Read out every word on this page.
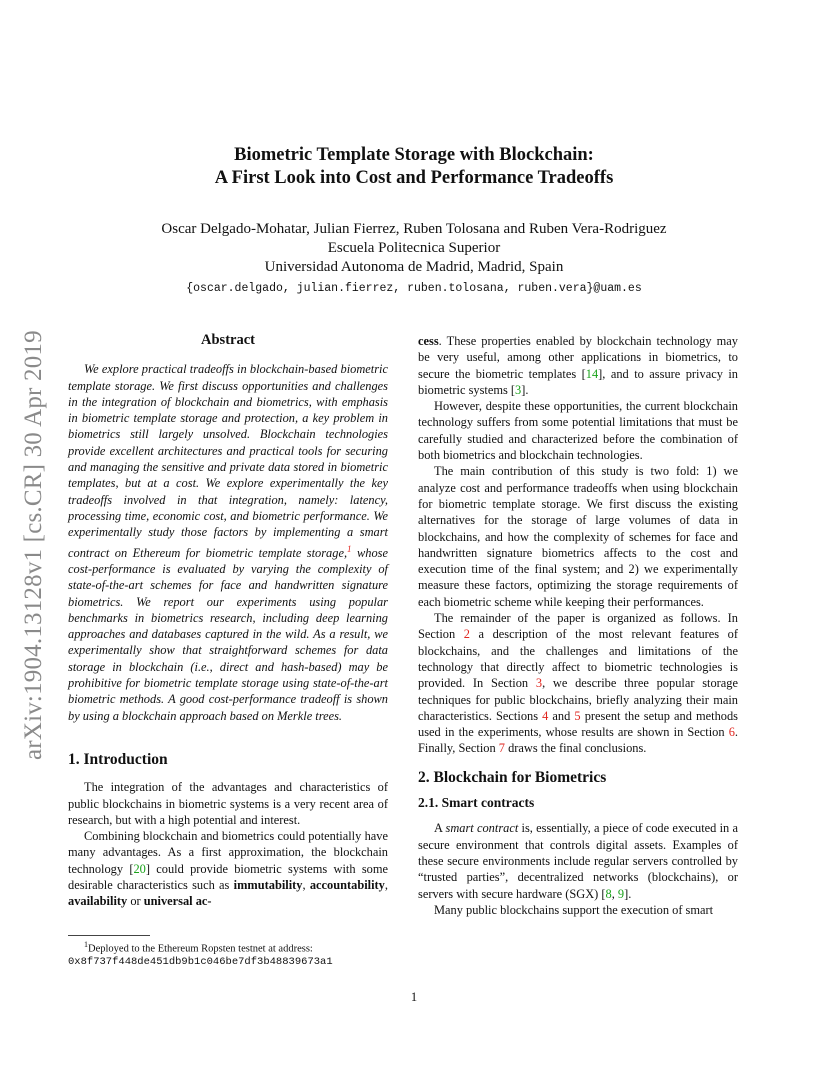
arXiv:1904.13128v1 [cs.CR] 30 Apr 2019
Biometric Template Storage with Blockchain:
A First Look into Cost and Performance Tradeoffs
Oscar Delgado-Mohatar, Julian Fierrez, Ruben Tolosana and Ruben Vera-Rodriguez
Escuela Politecnica Superior
Universidad Autonoma de Madrid, Madrid, Spain
{oscar.delgado, julian.fierrez, ruben.tolosana, ruben.vera}@uam.es
Abstract

We explore practical tradeoffs in blockchain-based biometric template storage. We first discuss opportunities and challenges in the integration of blockchain and biometrics, with emphasis in biometric template storage and protection, a key problem in biometrics still largely unsolved. Blockchain technologies provide excellent architectures and practical tools for securing and managing the sensitive and private data stored in biometric templates, but at a cost. We explore experimentally the key tradeoffs involved in that integration, namely: latency, processing time, economic cost, and biometric performance. We experimentally study those factors by implementing a smart contract on Ethereum for biometric template storage,$^1$ whose cost-performance is evaluated by varying the complexity of state-of-the-art schemes for face and handwritten signature biometrics. We report our experiments using popular benchmarks in biometrics research, including deep learning approaches and databases captured in the wild. As a result, we experimentally show that straightforward schemes for data storage in blockchain (i.e., direct and hash-based) may be prohibitive for biometric template storage using state-of-the-art biometric methods. A good cost-performance tradeoff is shown by using a blockchain approach based on Merkle trees.

1. Introduction

The integration of the advantages and characteristics of public blockchains in biometric systems is a very recent area of research, but with a high potential and interest.

Combining blockchain and biometrics could potentially have many advantages. As a first approximation, the blockchain technology [20] could provide biometric systems with some desirable characteristics such as immutability, accountability, availability or universal ac-

$^1$Deployed to the Ethereum Ropsten testnet at address:
0x8f737f448de451db9b1c046be7df3b48839673a1

cess. These properties enabled by blockchain technology may be very useful, among other applications in biometrics, to secure the biometric templates [14], and to assure privacy in biometric systems [3].

However, despite these opportunities, the current blockchain technology suffers from some potential limitations that must be carefully studied and characterized before the combination of both biometrics and blockchain technologies.

The main contribution of this study is two fold: 1) we analyze cost and performance tradeoffs when using blockchain for biometric template storage. We first discuss the existing alternatives for the storage of large volumes of data in blockchains, and how the complexity of schemes for face and handwritten signature biometrics affects to the cost and execution time of the final system; and 2) we experimentally measure these factors, optimizing the storage requirements of each biometric scheme while keeping their performances.

The remainder of the paper is organized as follows. In Section 2 a description of the most relevant features of blockchains, and the challenges and limitations of the technology that directly affect to biometric technologies is provided. In Section 3, we describe three popular storage techniques for public blockchains, briefly analyzing their main characteristics. Sections 4 and 5 present the setup and methods used in the experiments, whose results are shown in Section 6. Finally, Section 7 draws the final conclusions.

2. Blockchain for Biometrics
2.1. Smart contracts

A smart contract is, essentially, a piece of code executed in a secure environment that controls digital assets. Examples of these secure environments include regular servers controlled by “trusted parties”, decentralized networks (blockchains), or servers with secure hardware (SGX) [8, 9].

Many public blockchains support the execution of smart

1
